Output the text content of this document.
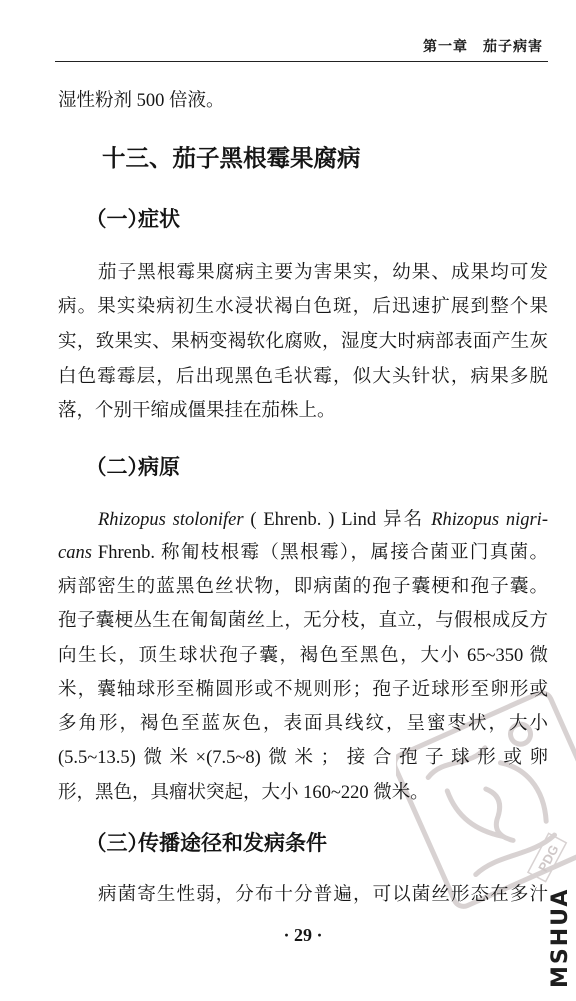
PDG
第一章　茄子病害
湿性粉剂 500 倍液。
十三、茄子黑根霉果腐病
（一）症状
茄子黑根霉果腐病主要为害果实，幼果、成果均可发
病。果实染病初生水浸状褐白色斑，后迅速扩展到整个果
实，致果实、果柄变褐软化腐败，湿度大时病部表面产生灰
白色霉霉层，后出现黑色毛状霉，似大头针状，病果多脱
落，个别干缩成僵果挂在茄株上。
（二）病原
Rhizopus stolonifer ( Ehrenb. ) Lind 异名 Rhizopus nigri-
cans Fhrenb. 称匍枝根霉（黑根霉），属接合菌亚门真菌。
病部密生的蓝黑色丝状物，即病菌的孢子囊梗和孢子囊。
孢子囊梗丛生在匍匐菌丝上，无分枝，直立，与假根成反方
向生长，顶生球状孢子囊，褐色至黑色，大小 65~350 微
米，囊轴球形至椭圆形或不规则形；孢子近球形至卵形或
多角形，褐色至蓝灰色，表面具线纹，呈蜜枣状，大小
(5.5~13.5)微米×(7.5~8)微米；接合孢子球形或卵
形，黑色，具瘤状突起，大小 160~220 微米。
（三）传播途径和发病条件
病菌寄生性弱，分布十分普遍，可以菌丝形态在多汁
· 29 ·	MSHUA
